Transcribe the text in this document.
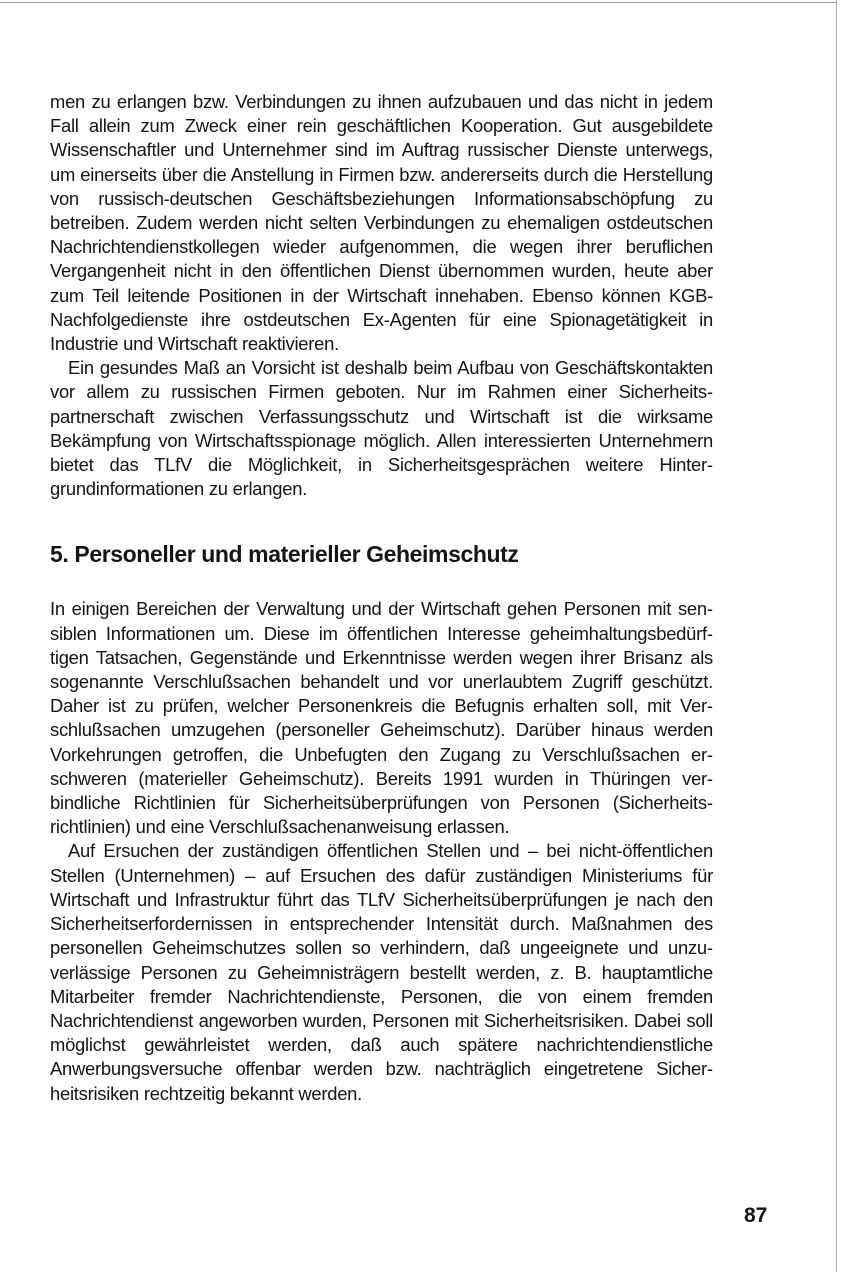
men zu erlangen bzw. Verbindungen zu ihnen aufzubauen und das nicht in jedem Fall allein zum Zweck einer rein geschäftlichen Kooperation. Gut ausgebildete Wissenschaftler und Unternehmer sind im Auftrag russischer Dienste unterwegs, um einerseits über die Anstellung in Firmen bzw. andererseits durch die Herstellung von russisch-deutschen Geschäftsbeziehungen Informationsabschöpfung zu betreiben. Zudem werden nicht selten Verbindungen zu ehemaligen ostdeutschen Nachrichtendienstkollegen wieder aufgenommen, die wegen ihrer beruflichen Vergangenheit nicht in den öffentlichen Dienst übernommen wurden, heute aber zum Teil leitende Positionen in der Wirtschaft innehaben. Ebenso können KGB-Nachfolgedienste ihre ostdeutschen Ex-Agenten für eine Spionagetätigkeit in Industrie und Wirtschaft reaktivieren.

Ein gesundes Maß an Vorsicht ist deshalb beim Aufbau von Geschäftskontakten vor allem zu russischen Firmen geboten. Nur im Rahmen einer Sicherheitspartnerschaft zwischen Verfassungsschutz und Wirtschaft ist die wirksame Bekämpfung von Wirtschaftsspionage möglich. Allen interessierten Unternehmern bietet das TLfV die Möglichkeit, in Sicherheitsgesprächen weitere Hintergrundinformationen zu erlangen.

5. Personeller und materieller Geheimschutz

In einigen Bereichen der Verwaltung und der Wirtschaft gehen Personen mit sensiblen Informationen um. Diese im öffentlichen Interesse geheimhaltungsbedürftigen Tatsachen, Gegenstände und Erkenntnisse werden wegen ihrer Brisanz als sogenannte Verschlußsachen behandelt und vor unerlaubtem Zugriff geschützt. Daher ist zu prüfen, welcher Personenkreis die Befugnis erhalten soll, mit Verschlußsachen umzugehen (personeller Geheimschutz). Darüber hinaus werden Vorkehrungen getroffen, die Unbefugten den Zugang zu Verschlußsachen erschweren (materieller Geheimschutz). Bereits 1991 wurden in Thüringen verbindliche Richtlinien für Sicherheitsüberprüfungen von Personen (Sicherheitsrichtlinien) und eine Verschlußsachenanweisung erlassen.

Auf Ersuchen der zuständigen öffentlichen Stellen und – bei nicht-öffentlichen Stellen (Unternehmen) – auf Ersuchen des dafür zuständigen Ministeriums für Wirtschaft und Infrastruktur führt das TLfV Sicherheitsüberprüfungen je nach den Sicherheitserfordernissen in entsprechender Intensität durch. Maßnahmen des personellen Geheimschutzes sollen so verhindern, daß ungeeignete und unzuverlässige Personen zu Geheimnisträgern bestellt werden, z. B. hauptamtliche Mitarbeiter fremder Nachrichtendienste, Personen, die von einem fremden Nachrichtendienst angeworben wurden, Personen mit Sicherheitsrisiken. Dabei soll möglichst gewährleistet werden, daß auch spätere nachrichtendienstliche Anwerbungsversuche offenbar werden bzw. nachträglich eingetretene Sicherheitsrisiken rechtzeitig bekannt werden.

87
